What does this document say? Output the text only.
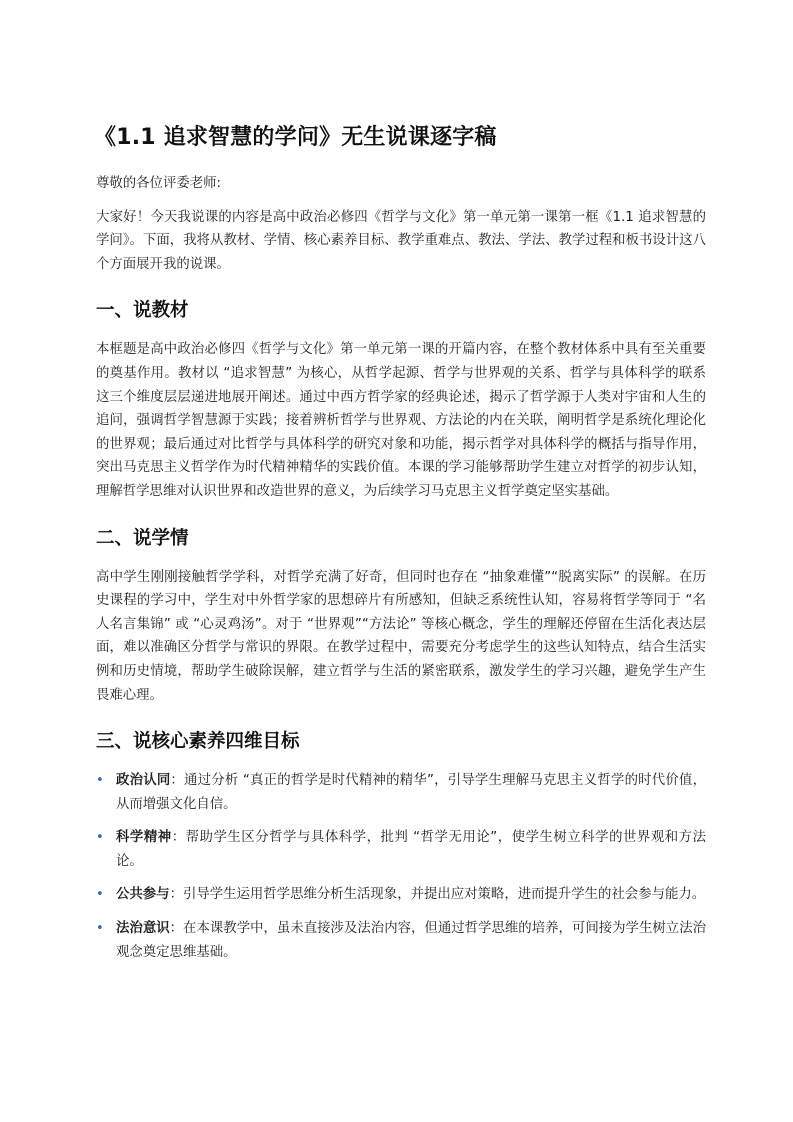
《1.1 追求智慧的学问》无生说课逐字稿

尊敬的各位评委老师:

大家好！今天我说课的内容是高中政治必修四《哲学与文化》第一单元第一课第一框《1.1 追求智慧的学问》。下面，我将从教材、学情、核心素养目标、教学重难点、教法、学法、教学过程和板书设计这八个方面展开我的说课。

一、说教材

本框题是高中政治必修四《哲学与文化》第一单元第一课的开篇内容，在整个教材体系中具有至关重要的奠基作用。教材以 “追求智慧” 为核心，从哲学起源、哲学与世界观的关系、哲学与具体科学的联系这三个维度层层递进地展开阐述。通过中西方哲学家的经典论述，揭示了哲学源于人类对宇宙和人生的追问，强调哲学智慧源于实践；接着辨析哲学与世界观、方法论的内在关联，阐明哲学是系统化理论化的世界观；最后通过对比哲学与具体科学的研究对象和功能，揭示哲学对具体科学的概括与指导作用，突出马克思主义哲学作为时代精神精华的实践价值。本课的学习能够帮助学生建立对哲学的初步认知，理解哲学思维对认识世界和改造世界的意义，为后续学习马克思主义哲学奠定坚实基础。

二、说学情

高中学生刚刚接触哲学学科，对哲学充满了好奇，但同时也存在 “抽象难懂”“脱离实际” 的误解。在历史课程的学习中，学生对中外哲学家的思想碎片有所感知，但缺乏系统性认知，容易将哲学等同于 “名人名言集锦” 或 “心灵鸡汤”。对于 “世界观”“方法论” 等核心概念，学生的理解还停留在生活化表达层面，难以准确区分哲学与常识的界限。在教学过程中，需要充分考虑学生的这些认知特点，结合生活实例和历史情境，帮助学生破除误解，建立哲学与生活的紧密联系，激发学生的学习兴趣，避免学生产生畏难心理。

三、说核心素养四维目标
• 政治认同：通过分析 “真正的哲学是时代精神的精华”，引导学生理解马克思主义哲学的时代价值，从而增强文化自信。
• 科学精神：帮助学生区分哲学与具体科学，批判 “哲学无用论”，使学生树立科学的世界观和方法论。
• 公共参与：引导学生运用哲学思维分析生活现象，并提出应对策略，进而提升学生的社会参与能力。
• 法治意识：在本课教学中，虽未直接涉及法治内容，但通过哲学思维的培养，可间接为学生树立法治观念奠定思维基础。
